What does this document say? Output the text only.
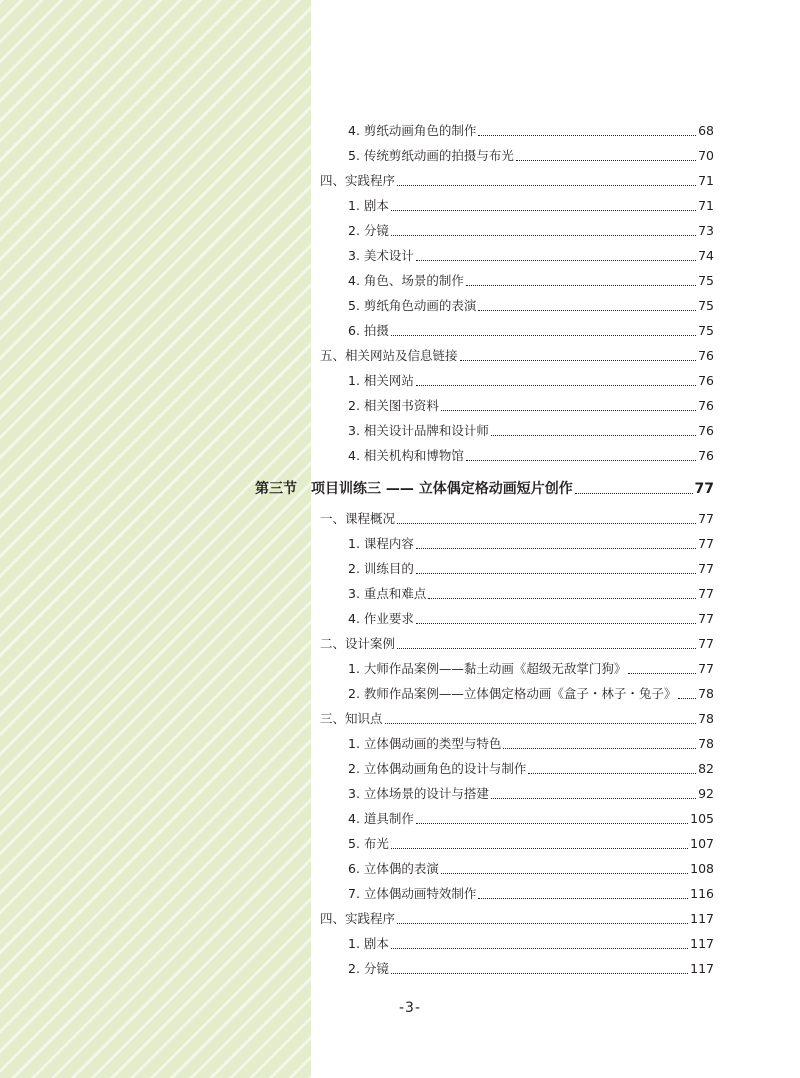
4. 剪纸动画角色的制作	68
5. 传统剪纸动画的拍摄与布光	70
四、实践程序	71
1. 剧本	71
2. 分镜	73
3. 美术设计	74
4. 角色、场景的制作	75
5. 剪纸角色动画的表演	75
6. 拍摄	75
五、相关网站及信息链接	76
1. 相关网站	76
2. 相关图书资料	76
3. 相关设计品牌和设计师	76
4. 相关机构和博物馆	76
第三节　项目训练三 —— 立体偶定格动画短片创作	77
一、课程概况	77
1. 课程内容	77
2. 训练目的	77
3. 重点和难点	77
4. 作业要求	77
二、设计案例	77
1. 大师作品案例——黏土动画《超级无敌掌门狗》	77
2. 教师作品案例——立体偶定格动画《盒子・林子・兔子》 78
三、知识点	78
1. 立体偶动画的类型与特色	78
2. 立体偶动画角色的设计与制作	82
3. 立体场景的设计与搭建	92
4. 道具制作	105
5. 布光	107
6. 立体偶的表演	108
7. 立体偶动画特效制作	116
四、实践程序	117
1. 剧本	117
2. 分镜	117
-3-
